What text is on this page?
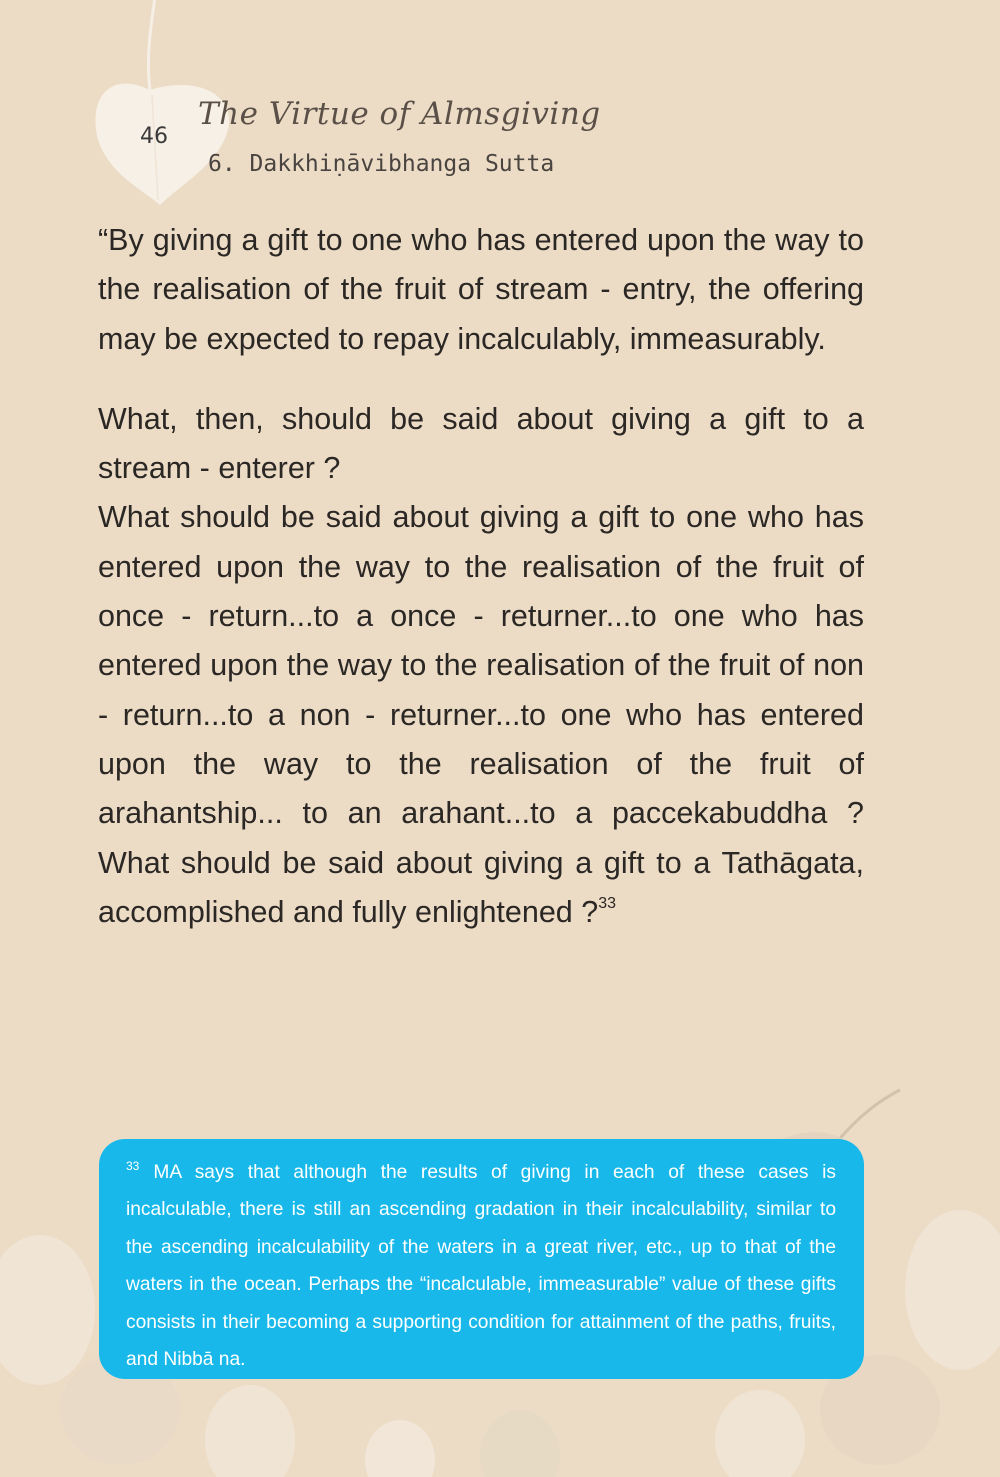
46
The Virtue of Almsgiving
6. Dakkhiṇāvibhanga Sutta

“By giving a gift to one who has entered upon the way to the realisation of the fruit of stream - entry, the offering may be expected to repay incalculably, immeasurably.

What, then, should be said about giving a gift to a stream - enterer ?

What should be said about giving a gift to one who has entered upon the way to the realisation of the fruit of once - return...to a once - returner...to one who has entered upon the way to the realisation of the fruit of non - return...to a non - returner...to one who has entered upon the way to the realisation of the fruit of arahantship... to an arahant...to a paccekabuddha ? What should be said about giving a gift to a Tathāgata, accomplished and fully enlightened ?$^{33}$

$^{33}$ MA says that although the results of giving in each of these cases is incalculable, there is still an ascending gradation in their incalculability, similar to the ascending incalculability of the waters in a great river, etc., up to that of the waters in the ocean. Perhaps the “incalculable, immeasurable” value of these gifts consists in their becoming a supporting condition for attainment of the paths, fruits, and Nibbā na.
